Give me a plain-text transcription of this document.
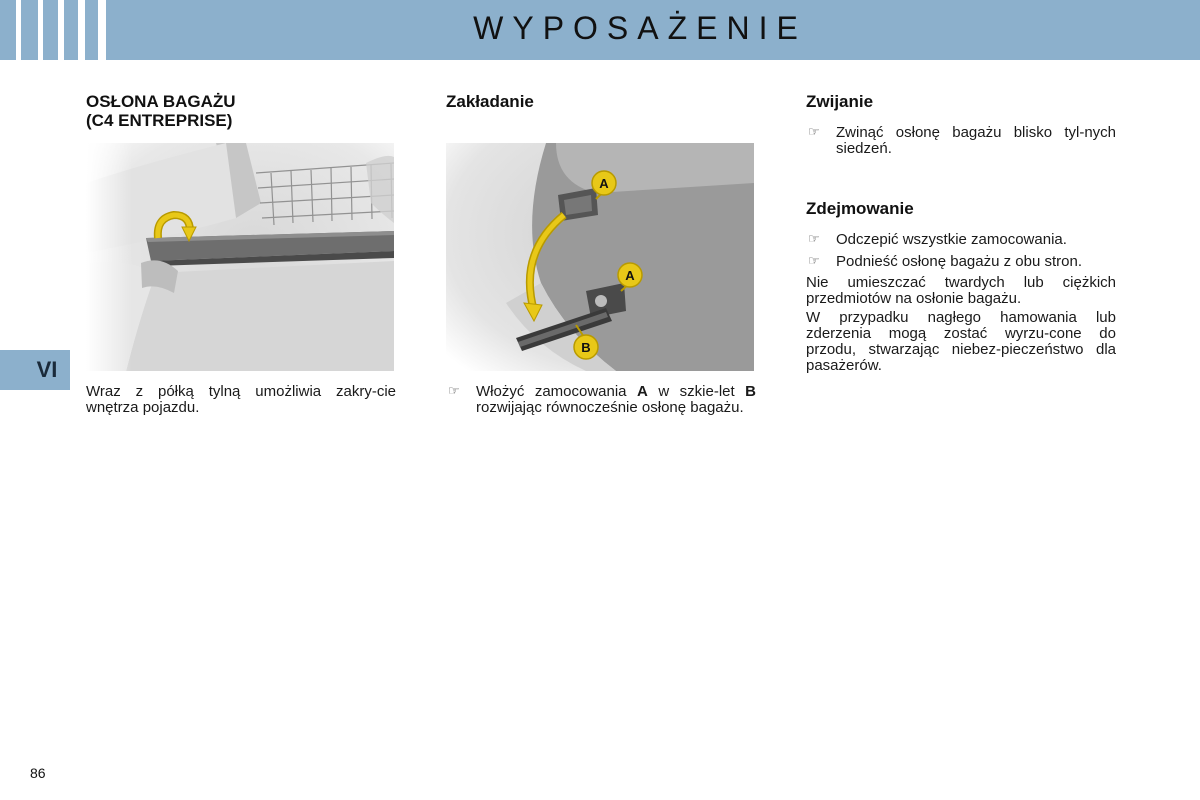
WYPOSAŻENIE
VI
OSŁONA BAGAŻU
(C4 ENTREPRISE)

Wraz z półką tylną umożliwia zakry-cie wnętrza pojazdu.

Zakładanie
A
A
B

☞ Włożyć zamocowania A w szkie-let B rozwijając równocześnie osłonę bagażu.

Zwijanie

☞ Zwinąć osłonę bagażu blisko tyl-nych siedzeń.

Zdejmowanie

☞ Odczepić wszystkie zamocowania.

☞ Podnieść osłonę bagażu z obu stron.

Nie umieszczać twardych lub ciężkich przedmiotów na osłonie bagażu.

W przypadku nagłego hamowania lub zderzenia mogą zostać wyrzu-cone do przodu, stwarzając niebez-pieczeństwo dla pasażerów.

86
